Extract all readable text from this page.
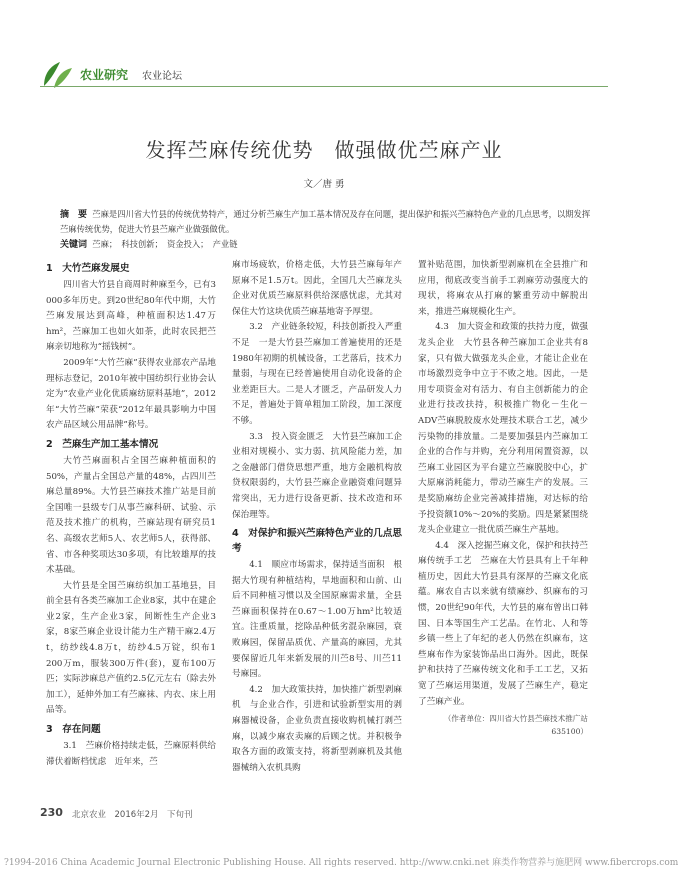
农业研究 农业论坛
发挥苎麻传统优势　做强做优苎麻产业
文／唐 勇
摘　要 苎麻是四川省大竹县的传统优势特产，通过分析苎麻生产加工基本情况及存在问题，提出保护和振兴苎麻特色产业的几点思考，以期发挥苎麻传统优势，促进大竹县苎麻产业做强做优。
关键词 苎麻；　科技创新；　资金投入；　产业链
1　大竹苎麻发展史

四川省大竹县自商周时种麻至今，已有3 000多年历史。到20世纪80年代中期，大竹苎麻发展达到高峰，种植面积达1.47万hm²，苎麻加工也如火如荼，此时农民把苎麻亲切地称为“摇钱树”。

2009年“大竹苎麻”获得农业部农产品地理标志登记，2010年被中国纺织行业协会认定为“农业产业化优质麻纺原料基地”，2012年“大竹苎麻”荣获“2012年最具影响力中国农产品区域公用品牌”称号。

2　苎麻生产加工基本情况

大竹苎麻面积占全国苎麻种植面积的50%，产量占全国总产量的48%，占四川苎麻总量89%。大竹县苎麻技术推广站是目前全国唯一县级专门从事苎麻科研、试验、示范及技术推广的机构，苎麻站现有研究员1名、高级农艺师5人、农艺师5人，获得部、省、市各种奖项达30多项，有比较雄厚的技术基础。

大竹县是全国苎麻纺织加工基地县，目前全县有各类苎麻加工企业8家，其中在建企业2家，生产企业3家，间断性生产企业3家，8家苎麻企业设计能力生产精干麻2.4万t，纺纱线4.8万t，纺纱4.5万锭，织布1 200万m，服装300万件(套)，夏布100万匹；实际涉麻总产值约2.5亿元左右（除去外加工），延伸外加工有苎麻袜、内衣、床上用品等。

3　存在问题

3.1　苎麻价格持续走低，苎麻原料供给滞伏着断档忧虑　近年来，苎

麻市场疲软，价格走低，大竹县苎麻每年产原麻不足1.5万t。因此，全国几大苎麻龙头企业对优质苎麻原料供给深感忧虑，尤其对保住大竹这块优质苎麻基地寄予厚望。

3.2　产业链条较短，科技创新投入严重不足　一是大竹县苎麻加工普遍使用的还是1980年初期的机械设备，工艺落后，技术力量弱，与现在已经普遍使用自动化设备的企业差距巨大。二是人才匮乏，产品研发人力不足，普遍处于简单粗加工阶段，加工深度不够。

3.3　投入资金匮乏　大竹县苎麻加工企业相对规模小、实力弱、抗风险能力差，加之金融部门借贷思想严重，地方金融机构放贷权限弱约，大竹县苎麻企业融资难问题异常突出，无力进行设备更新、技术改造和环保治理等。

4　对保护和振兴苎麻特色产业的几点思考

4.1　顺应市场需求，保持适当面积　根据大竹现有种植结构，旱地面积和山前、山后不同种植习惯以及全国原麻需求量，全县苎麻面积保持在0.67～1.00万hm²比较适宜。注重质量，挖除品种低劣混杂麻园，衰败麻园，保留品质优、产量高的麻园，尤其要保留近几年来新发展的川苎8号、川苎11号麻园。

4.2　加大政策扶持，加快推广新型剥麻机　与企业合作，引进和试验新型实用的剥麻器械设备，企业负责直接收购机械打剥苎麻，以减少麻农卖麻的后顾之忧。并积极争取各方面的政策支持，将新型剥麻机及其他器械纳入农机具购

置补贴范围，加快新型剥麻机在全县推广和应用，彻底改变当前手工剥麻劳动强度大的现状，将麻农从打麻的繁重劳动中解脱出来，推进苎麻规模化生产。

4.3　加大资金和政策的扶持力度，做强龙头企业　大竹县各种苎麻加工企业共有8家，只有做大做强龙头企业，才能让企业在市场激烈竞争中立于不败之地。因此，一是用专项资金对有活力、有自主创新能力的企业进行技改扶持，积极推广物化－生化－ADV苎麻脱胶废水处理技术联合工艺，减少污染物的排放量。二是要加强县内苎麻加工企业的合作与并购，充分利用闲置资源，以苎麻工业园区为平台建立苎麻脱胶中心，扩大原麻消耗能力，带动苎麻生产的发展。三是奖励麻纺企业完善减排措施，对达标的给予投资额10%～20%的奖励。四是紧紧围绕龙头企业建立一批优质苎麻生产基地。

4.4　深入挖掘苎麻文化，保护和扶持苎麻传统手工艺　苎麻在大竹县具有上千年种植历史，因此大竹县具有深厚的苎麻文化底蕴。麻农自古以来就有绩麻纱、织麻布的习惯，20世纪90年代，大竹县的麻布曾出口韩国、日本等国生产工艺品。在竹北、人和等乡镇一些上了年纪的老人仍然在织麻布，这些麻布作为家装饰品出口海外。因此，既保护和扶持了苎麻传统文化和手工工艺，又拓宽了苎麻运用渠道，发展了苎麻生产，稳定了苎麻产业。

（作者单位：四川省大竹县苎麻技术推广站　635100）

230 北京农业　2016年2月　下旬刊
?1994-2016 China Academic Journal Electronic Publishing House. All rights reserved. http://www.cnki.net 麻类作物营养与施肥网 www.fibercrops.com
